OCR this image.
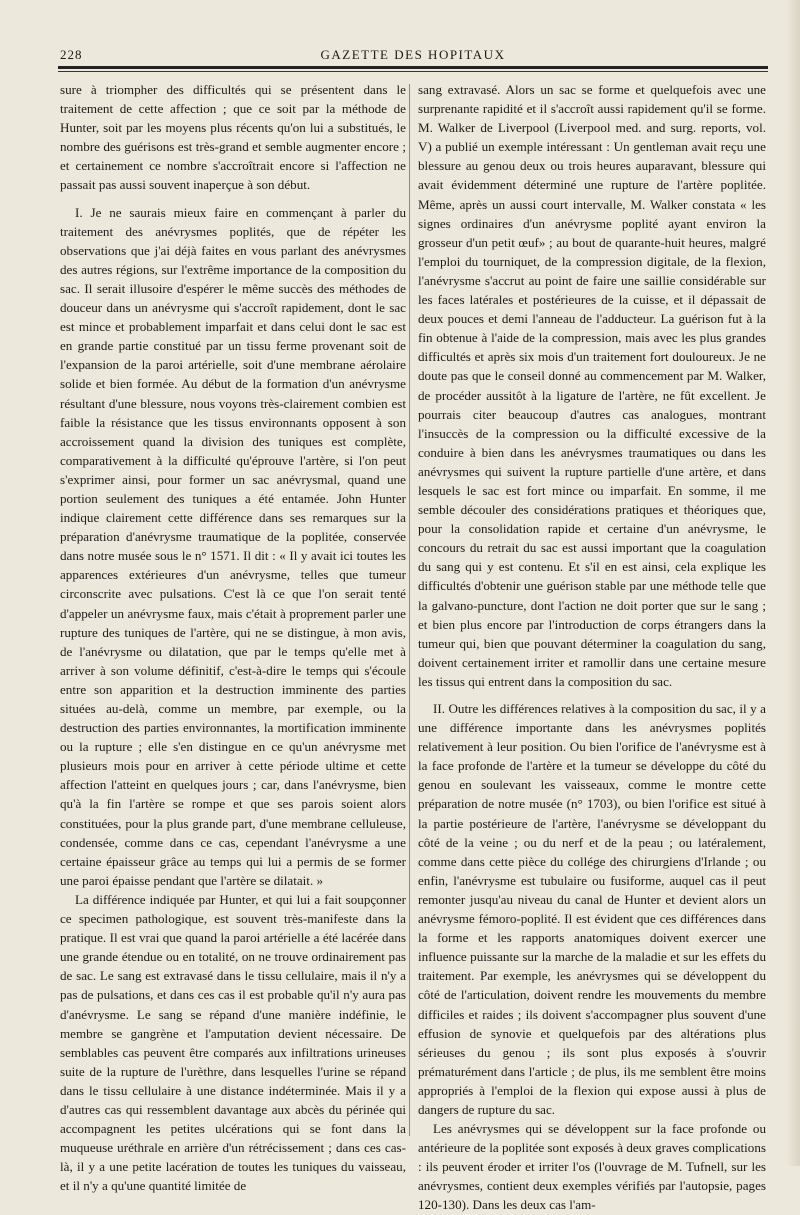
228	GAZETTE DES HOPITAUX

sure à triompher des difficultés qui se présentent dans le traitement de cette affection ; que ce soit par la méthode de Hunter, soit par les moyens plus récents qu'on lui a substitués, le nombre des guérisons est très-grand et semble augmenter encore ; et certainement ce nombre s'accroîtrait encore si l'affection ne passait pas aussi souvent inaperçue à son début.

I. Je ne saurais mieux faire en commençant à parler du traitement des anévrysmes poplités, que de répéter les observations que j'ai déjà faites en vous parlant des anévrysmes des autres régions, sur l'extrême importance de la composition du sac. Il serait illusoire d'espérer le même succès des méthodes de douceur dans un anévrysme qui s'accroît rapidement, dont le sac est mince et probablement imparfait et dans celui dont le sac est en grande partie constitué par un tissu ferme provenant soit de l'expansion de la paroi artérielle, soit d'une membrane aérolaire solide et bien formée. Au début de la formation d'un anévrysme résultant d'une blessure, nous voyons très-clairement combien est faible la résistance que les tissus environnants opposent à son accroissement quand la division des tuniques est complète, comparativement à la difficulté qu'éprouve l'artère, si l'on peut s'exprimer ainsi, pour former un sac anévrysmal, quand une portion seulement des tuniques a été entamée. John Hunter indique clairement cette différence dans ses remarques sur la préparation d'anévrysme traumatique de la poplitée, conservée dans notre musée sous le n° 1571. Il dit : « Il y avait ici toutes les apparences extérieures d'un anévrysme, telles que tumeur circonscrite avec pulsations. C'est là ce que l'on serait tenté d'appeler un anévrysme faux, mais c'était à proprement parler une rupture des tuniques de l'artère, qui ne se distingue, à mon avis, de l'anévrysme ou dilatation, que par le temps qu'elle met à arriver à son volume définitif, c'est-à-dire le temps qui s'écoule entre son apparition et la destruction imminente des parties situées au-delà, comme un membre, par exemple, ou la destruction des parties environnantes, la mortification imminente ou la rupture ; elle s'en distingue en ce qu'un anévrysme met plusieurs mois pour en arriver à cette période ultime et cette affection l'atteint en quelques jours ; car, dans l'anévrysme, bien qu'à la fin l'artère se rompe et que ses parois soient alors constituées, pour la plus grande part, d'une membrane celluleuse, condensée, comme dans ce cas, cependant l'anévrysme a une certaine épaisseur grâce au temps qui lui a permis de se former une paroi épaisse pendant que l'artère se dilatait. »

La différence indiquée par Hunter, et qui lui a fait soupçonner ce specimen pathologique, est souvent très-manifeste dans la pratique. Il est vrai que quand la paroi artérielle a été lacérée dans une grande étendue ou en totalité, on ne trouve ordinairement pas de sac. Le sang est extravasé dans le tissu cellulaire, mais il n'y a pas de pulsations, et dans ces cas il est probable qu'il n'y aura pas d'anévrysme. Le sang se répand d'une manière indéfinie, le membre se gangrène et l'amputation devient nécessaire. De semblables cas peuvent être comparés aux infiltrations urineuses suite de la rupture de l'urèthre, dans lesquelles l'urine se répand dans le tissu cellulaire à une distance indéterminée. Mais il y a d'autres cas qui ressemblent davantage aux abcès du périnée qui accompagnent les petites ulcérations qui se font dans la muqueuse uréthrale en arrière d'un rétrécissement ; dans ces cas-là, il y a une petite lacération de toutes les tuniques du vaisseau, et il n'y a qu'une quantité limitée de

sang extravasé. Alors un sac se forme et quelquefois avec une surprenante rapidité et il s'accroît aussi rapidement qu'il se forme. M. Walker de Liverpool (Liverpool med. and surg. reports, vol. V) a publié un exemple intéressant : Un gentleman avait reçu une blessure au genou deux ou trois heures auparavant, blessure qui avait évidemment déterminé une rupture de l'artère poplitée. Même, après un aussi court intervalle, M. Walker constata « les signes ordinaires d'un anévrysme poplité ayant environ la grosseur d'un petit œuf» ; au bout de quarante-huit heures, malgré l'emploi du tourniquet, de la compression digitale, de la flexion, l'anévrysme s'accrut au point de faire une saillie considérable sur les faces latérales et postérieures de la cuisse, et il dépassait de deux pouces et demi l'anneau de l'adducteur. La guérison fut à la fin obtenue à l'aide de la compression, mais avec les plus grandes difficultés et après six mois d'un traitement fort douloureux. Je ne doute pas que le conseil donné au commencement par M. Walker, de procéder aussitôt à la ligature de l'artère, ne fût excellent. Je pourrais citer beaucoup d'autres cas analogues, montrant l'insuccès de la compression ou la difficulté excessive de la conduire à bien dans les anévrysmes traumatiques ou dans les anévrysmes qui suivent la rupture partielle d'une artère, et dans lesquels le sac est fort mince ou imparfait. En somme, il me semble découler des considérations pratiques et théoriques que, pour la consolidation rapide et certaine d'un anévrysme, le concours du retrait du sac est aussi important que la coagulation du sang qui y est contenu. Et s'il en est ainsi, cela explique les difficultés d'obtenir une guérison stable par une méthode telle que la galvano-puncture, dont l'action ne doit porter que sur le sang ; et bien plus encore par l'introduction de corps étrangers dans la tumeur qui, bien que pouvant déterminer la coagulation du sang, doivent certainement irriter et ramollir dans une certaine mesure les tissus qui entrent dans la composition du sac.

II. Outre les différences relatives à la composition du sac, il y a une différence importante dans les anévrysmes poplités relativement à leur position. Ou bien l'orifice de l'anévrysme est à la face profonde de l'artère et la tumeur se développe du côté du genou en soulevant les vaisseaux, comme le montre cette préparation de notre musée (n° 1703), ou bien l'orifice est situé à la partie postérieure de l'artère, l'anévrysme se développant du côté de la veine ; ou du nerf et de la peau ; ou latéralement, comme dans cette pièce du collége des chirurgiens d'Irlande ; ou enfin, l'anévrysme est tubulaire ou fusiforme, auquel cas il peut remonter jusqu'au niveau du canal de Hunter et devient alors un anévrysme fémoro-poplité. Il est évident que ces différences dans la forme et les rapports anatomiques doivent exercer une influence puissante sur la marche de la maladie et sur les effets du traitement. Par exemple, les anévrysmes qui se développent du côté de l'articulation, doivent rendre les mouvements du membre difficiles et raides ; ils doivent s'accompagner plus souvent d'une effusion de synovie et quelquefois par des altérations plus sérieuses du genou ; ils sont plus exposés à s'ouvrir prématurément dans l'article ; de plus, ils me semblent être moins appropriés à l'emploi de la flexion qui expose aussi à plus de dangers de rupture du sac.

Les anévrysmes qui se développent sur la face profonde ou antérieure de la poplitée sont exposés à deux graves complications : ils peuvent éroder et irriter l'os (l'ouvrage de M. Tufnell, sur les anévrysmes, contient deux exemples vérifiés par l'autopsie, pages 120-130). Dans les deux cas l'am-
